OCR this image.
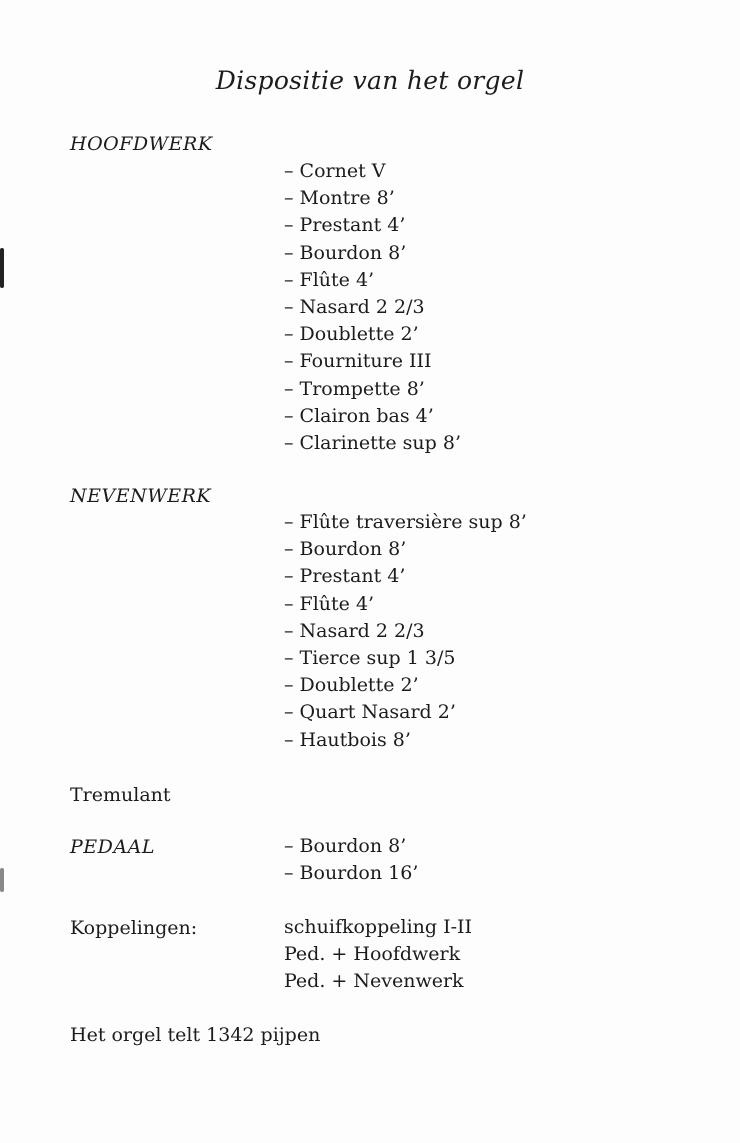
Dispositie van het orgel
HOOFDWERK
– Cornet V
– Montre 8’
– Prestant 4’
– Bourdon 8’
– Flûte 4’
– Nasard 2 2/3
– Doublette 2’
– Fourniture III
– Trompette 8’
– Clairon bas 4’
– Clarinette sup 8’
NEVENWERK
– Flûte traversière sup 8’
– Bourdon 8’
– Prestant 4’
– Flûte 4’
– Nasard 2 2/3
– Tierce sup 1 3/5
– Doublette 2’
– Quart Nasard 2’
– Hautbois 8’
Tremulant
PEDAAL	– Bourdon 8’
– Bourdon 16’
Koppelingen:	schuifkoppeling I-II
Ped. + Hoofdwerk
Ped. + Nevenwerk
Het orgel telt 1342 pijpen
